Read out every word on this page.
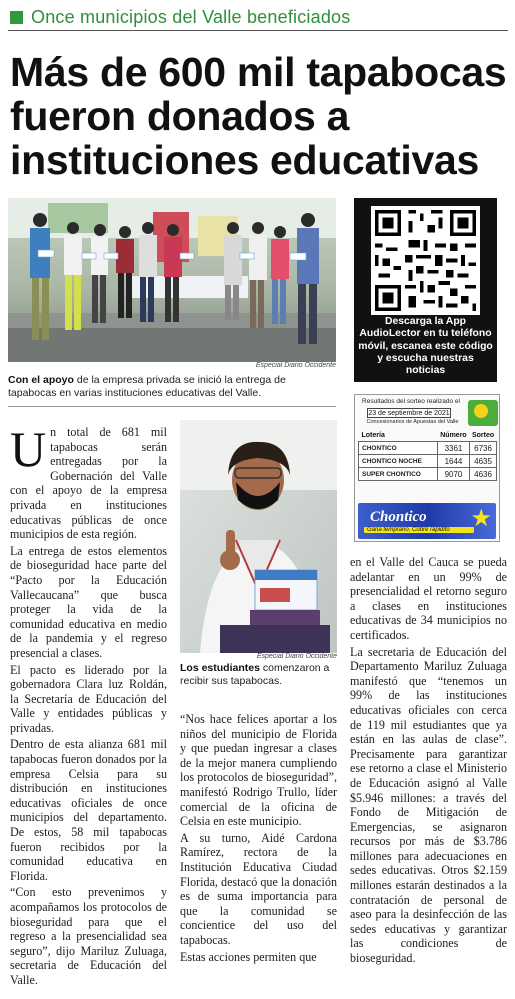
Once municipios del Valle beneficiados
Más de 600 mil tapabocas
fueron donados a
instituciones educativas
Especial Diario Occidente
Con el apoyo de la empresa privada se inició la entrega de tapabocas en varias instituciones educativas del Valle.
Descarga la App AudioLector en tu teléfono móvil, escanea este código y escucha nuestras noticias
Resultados del sorteo realizado el
23 de septiembre de 2021
Concesionarios de Apuestas del Valle
Lotería	Número	Sorteo
CHONTICO	3361	6736
CHONTICO NOCHE	1644	4635
SUPER CHONTICO	9070	4636
Chontico
Gana temprano, Cobre rapidito ★
Especial Diario Occidente
Los estudiantes comenzaron a recibir sus tapabocas.

Un total de 681 mil tapabocas serán entregadas por la Gobernación del Valle con el apoyo de la empresa privada en instituciones educativas públicas de once municipios de esta región.

La entrega de estos elementos de bioseguridad hace parte del “Pacto por la Educación Vallecaucana” que busca proteger la vida de la comunidad educativa en medio de la pandemia y el regreso presencial a clases.

El pacto es liderado por la gobernadora Clara luz Roldán, la Secretaría de Educación del Valle y entidades públicas y privadas.

Dentro de esta alianza 681 mil tapabocas fueron donados por la empresa Celsia para su distribución en instituciones educativas oficiales de once municipios del departamento. De estos, 58 mil tapabocas fueron recibidos por la comunidad educativa en Florida.

“Con esto prevenimos y acompañamos los protocolos de bioseguridad para que el regreso a la presencialidad sea seguro”, dijo Mariluz Zuluaga, secretaria de Educación del Valle.

“Nos hace felices aportar a los niños del municipio de Florida y que puedan ingresar a clases de la mejor manera cumpliendo los protocolos de bioseguridad”, manifestó Rodrigo Trullo, líder comercial de la oficina de Celsia en este municipio.

A su turno, Aidé Cardona Ramírez, rectora de la Institución Educativa Ciudad Florida, destacó que la donación es de suma importancia para que la comunidad se concientice del uso del tapabocas.

Estas acciones permiten que

en el Valle del Cauca se pueda adelantar en un 99% de presencialidad el retorno seguro a clases en instituciones educativas de 34 municipios no certificados.

La secretaria de Educación del Departamento Mariluz Zuluaga manifestó que “tenemos un 99% de las instituciones educativas oficiales con cerca de 119 mil estudiantes que ya están en las aulas de clase”. Precisamente para garantizar ese retorno a clase el Ministerio de Educación asignó al Valle $5.946 millones: a través del Fondo de Mitigación de Emergencias, se asignaron recursos por más de $3.786 millones para adecuaciones en sedes educativas. Otros $2.159 millones estarán destinados a la contratación de personal de aseo para la desinfección de las sedes educativas y garantizar las condiciones de bioseguridad.
